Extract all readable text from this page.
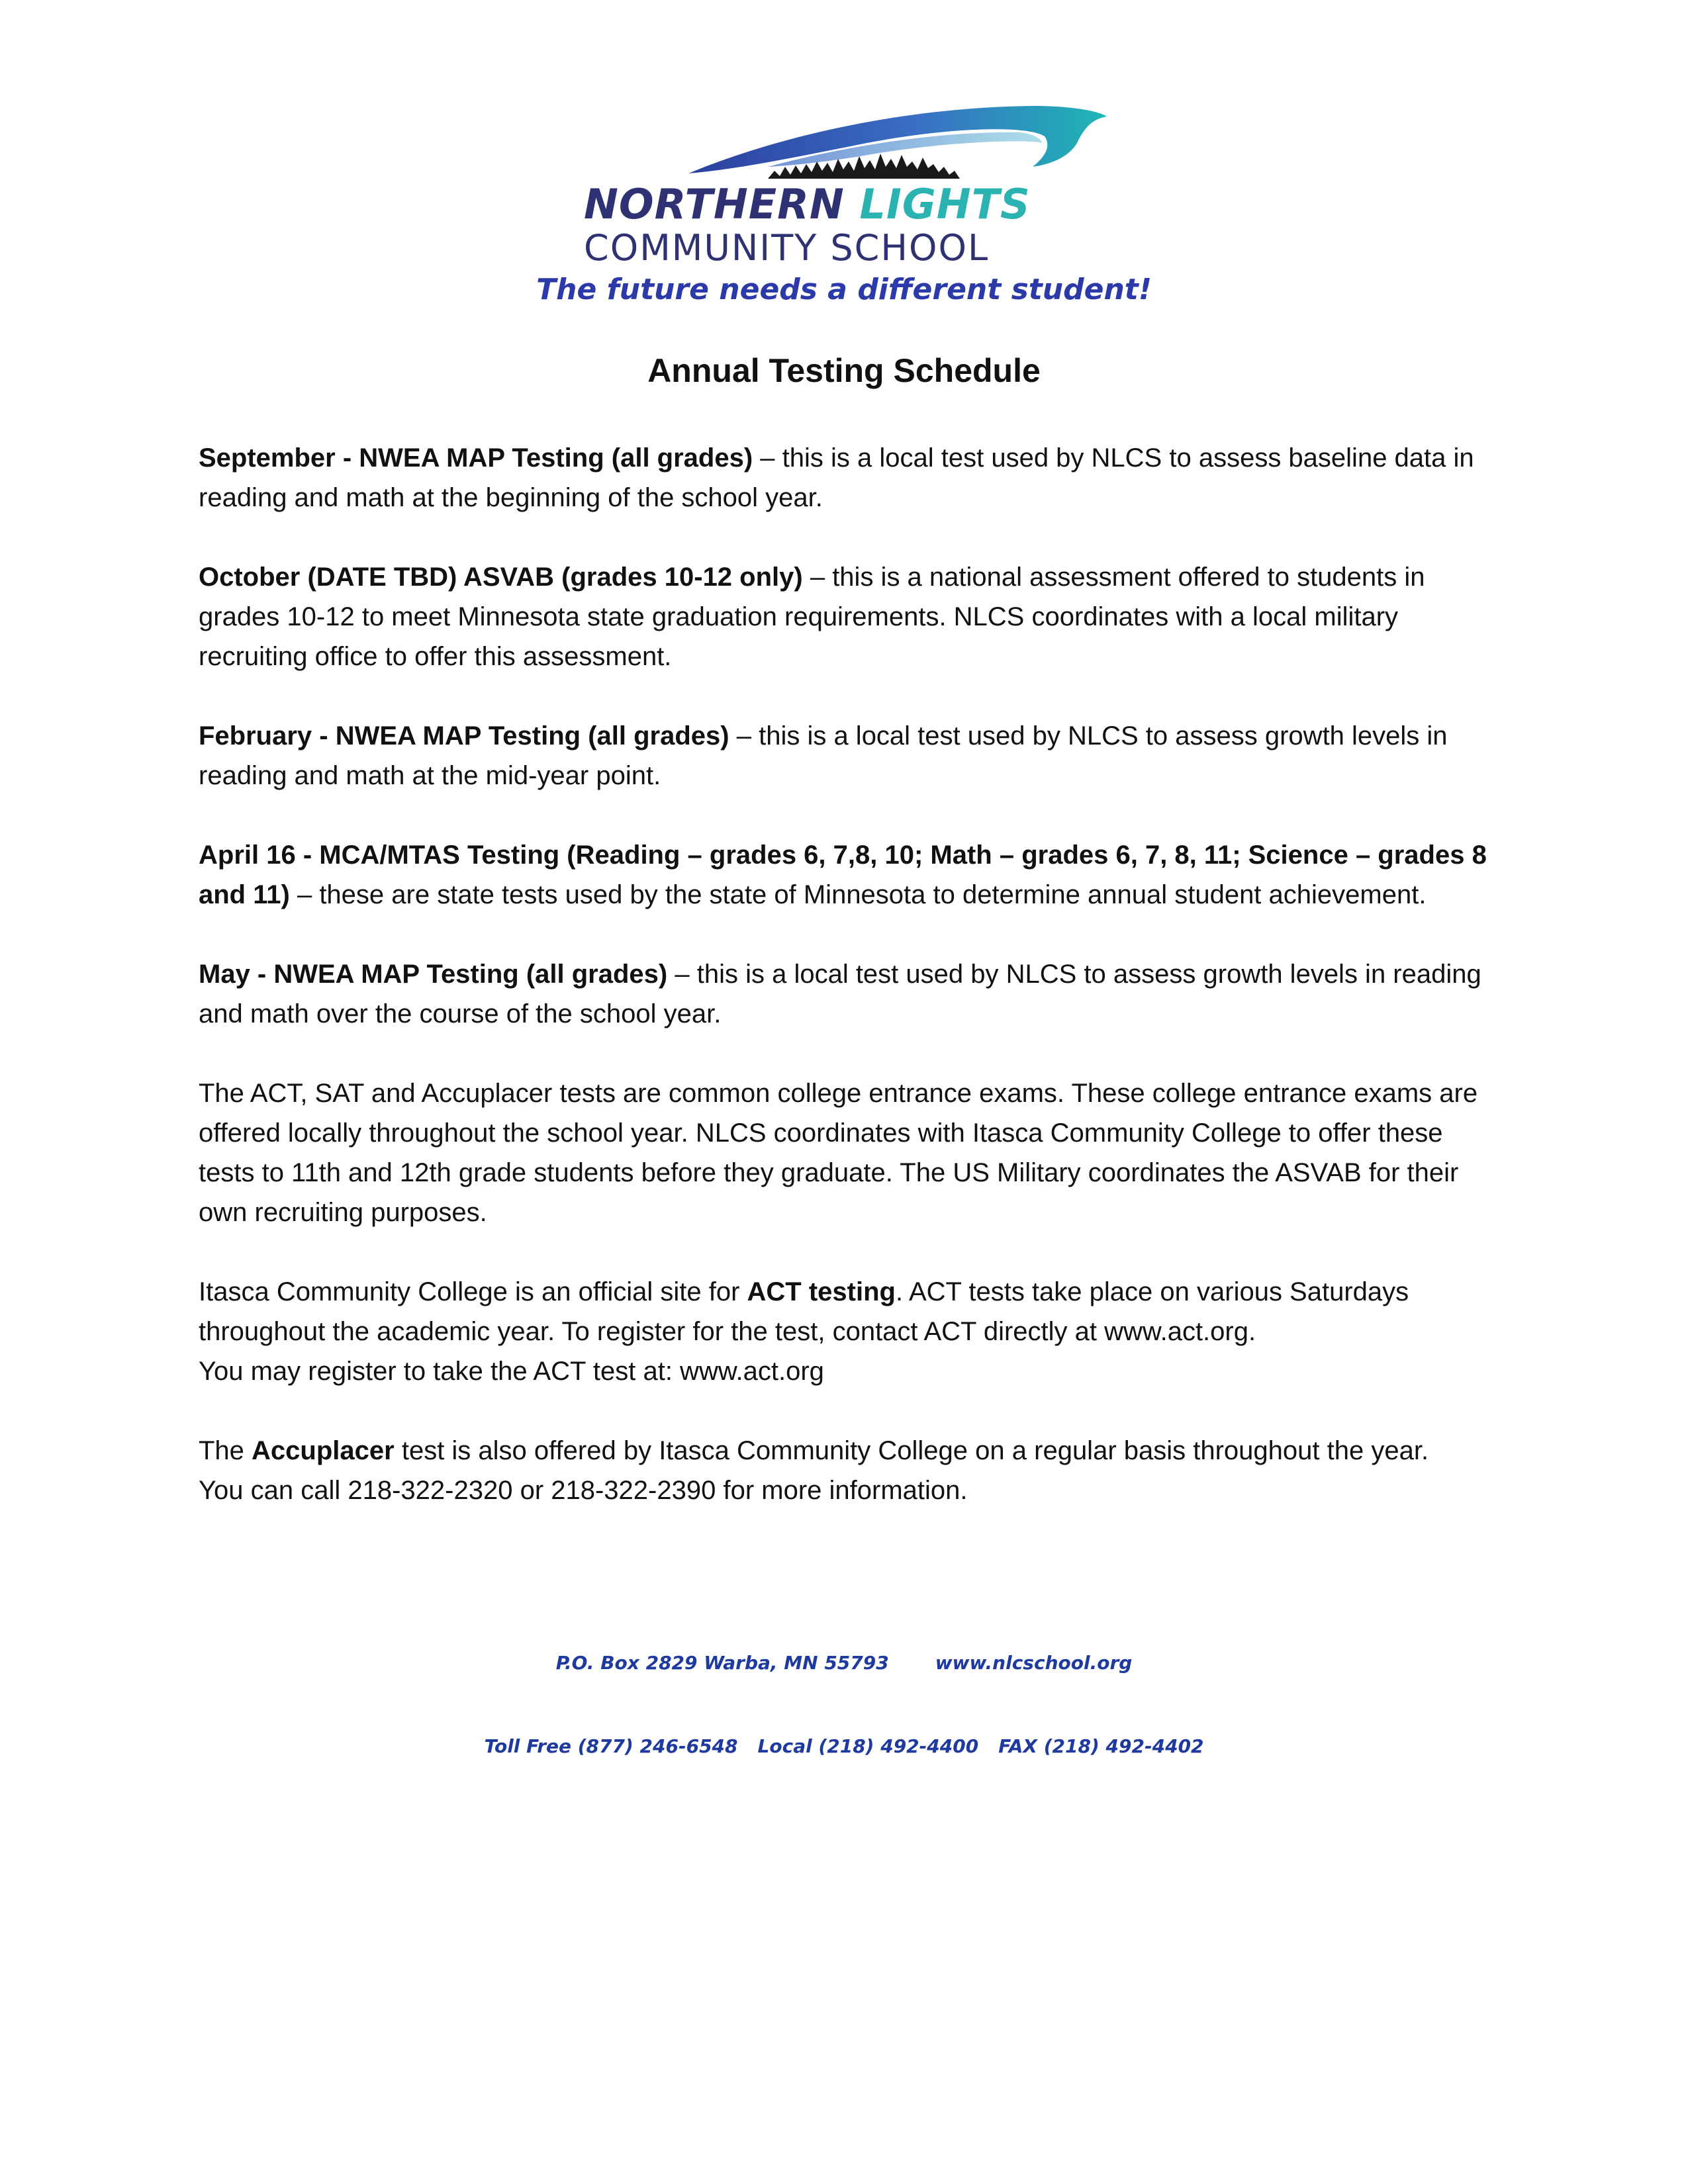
NORTHERN LIGHTS
COMMUNITY SCHOOL
The future needs a different student!
Annual Testing Schedule

September - NWEA MAP Testing (all grades) – this is a local test used by NLCS to assess baseline data in reading and math at the beginning of the school year.

October (DATE TBD) ASVAB (grades 10-12 only) – this is a national assessment offered to students in grades 10-12 to meet Minnesota state graduation requirements. NLCS coordinates with a local military recruiting office to offer this assessment.

February - NWEA MAP Testing (all grades) – this is a local test used by NLCS to assess growth levels in reading and math at the mid-year point.

April 16 - MCA/MTAS Testing (Reading – grades 6, 7,8, 10; Math – grades 6, 7, 8, 11; Science – grades 8 and 11) – these are state tests used by the state of Minnesota to determine annual student achievement.

May - NWEA MAP Testing (all grades) – this is a local test used by NLCS to assess growth levels in reading and math over the course of the school year.

The ACT, SAT and Accuplacer tests are common college entrance exams. These college entrance exams are offered locally throughout the school year. NLCS coordinates with Itasca Community College to offer these tests to 11th and 12th grade students before they graduate. The US Military coordinates the ASVAB for their own recruiting purposes.

Itasca Community College is an official site for ACT testing. ACT tests take place on various Saturdays throughout the academic year. To register for the test, contact ACT directly at www.act.org.

You may register to take the ACT test at: www.act.org

The Accuplacer test is also offered by Itasca Community College on a regular basis throughout the year.

You can call 218-322-2320 or 218-322-2390 for more information.

P.O. Box 2829 Warba, MN 55793	www.nlcschool.org

Toll Free (877) 246-6548 Local (218) 492-4400 FAX (218) 492-4402
